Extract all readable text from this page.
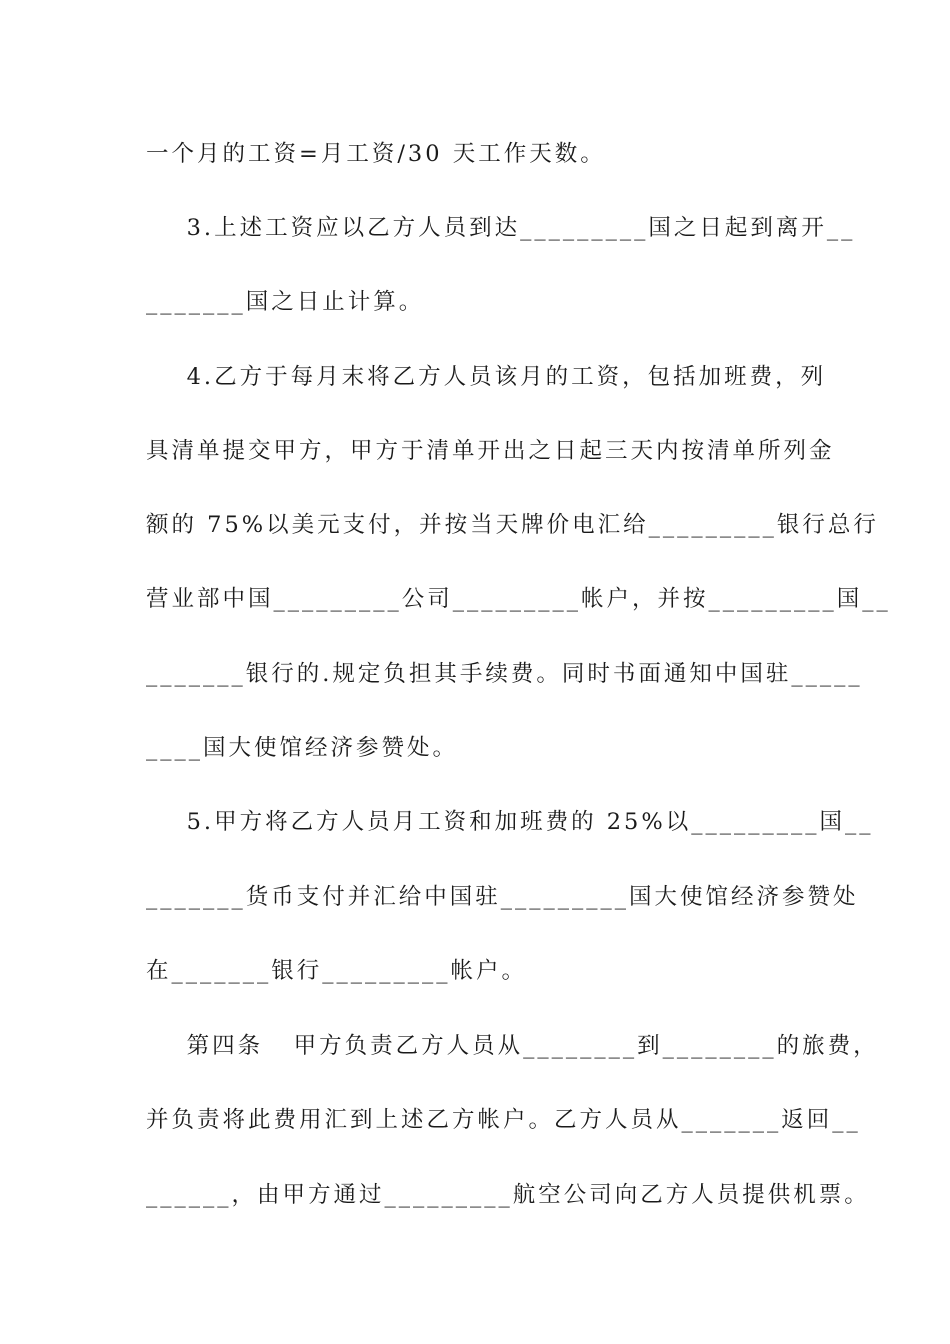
一个月的工资=月工资/30 天工作天数。
3.上述工资应以乙方人员到达_________国之日起到离开__
_______国之日止计算。
4.乙方于每月末将乙方人员该月的工资，包括加班费，列
具清单提交甲方，甲方于清单开出之日起三天内按清单所列金
额的 75%以美元支付，并按当天牌价电汇给_________银行总行
营业部中国_________公司_________帐户，并按_________国__
_______银行的.规定负担其手续费。同时书面通知中国驻_____
____国大使馆经济参赞处。
5.甲方将乙方人员月工资和加班费的 25%以_________国__
_______货币支付并汇给中国驻_________国大使馆经济参赞处
在_______银行_________帐户。
第四条   甲方负责乙方人员从________到________的旅费，
并负责将此费用汇到上述乙方帐户。乙方人员从_______返回__
______，由甲方通过_________航空公司向乙方人员提供机票。
